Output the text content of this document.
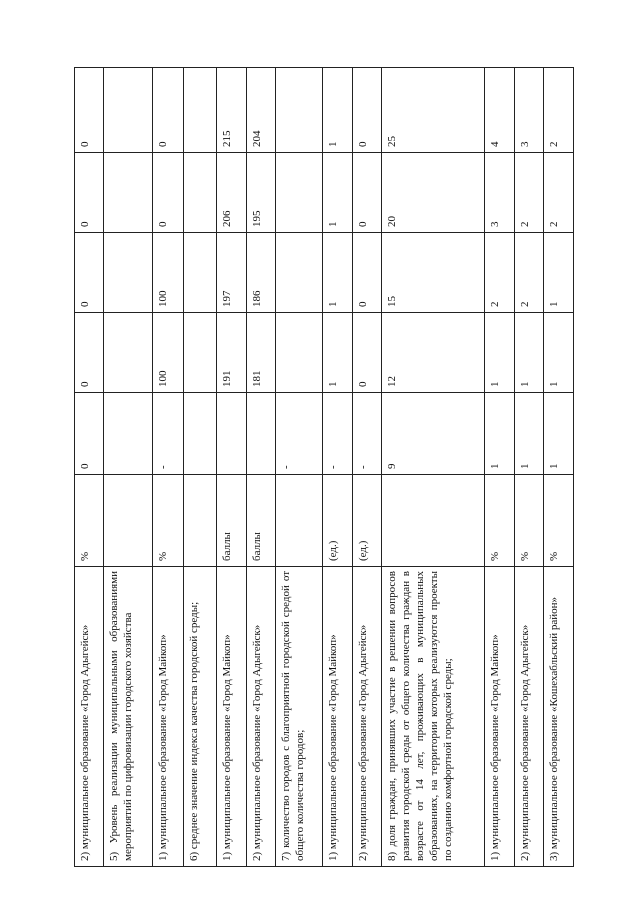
2) муниципальное образование «Город Адыгейск»	%	0	0	0	0	0
5) Уровень реализации муниципальными образованиями мероприятий по цифровизации городского хозяйства						
1) муниципальное образование «Город Майкоп»	%	-	100	100	0	0
6) среднее значение индекса качества городской среды;						
1) муниципальное образование «Город Майкоп»	баллы		191	197	206	215
2) муниципальное образование «Город Адыгейск»	баллы		181	186	195	204
7) количество городов с благоприятной городской средой от общего количества городов;		-				
1) муниципальное образование «Город Майкоп»	(ед.)	-	1	1	1	1
2) муниципальное образование «Город Адыгейск»	(ед.)	-	0	0	0	0
8) доля граждан, принявших участие в решении вопросов развития городской среды от общего количества граждан в возрасте от 14 лет, проживающих в муниципальных образованиях, на территории которых реализуются проекты по созданию комфортной городской среды;		9	12	15	20	25
1) муниципальное образование «Город Майкоп»	%	1	1	2	3	4
2) муниципальное образование «Город Адыгейск»	%	1	1	2	2	3
3) муниципальное образование «Кошехабльский район»	%	1	1	1	2	2
